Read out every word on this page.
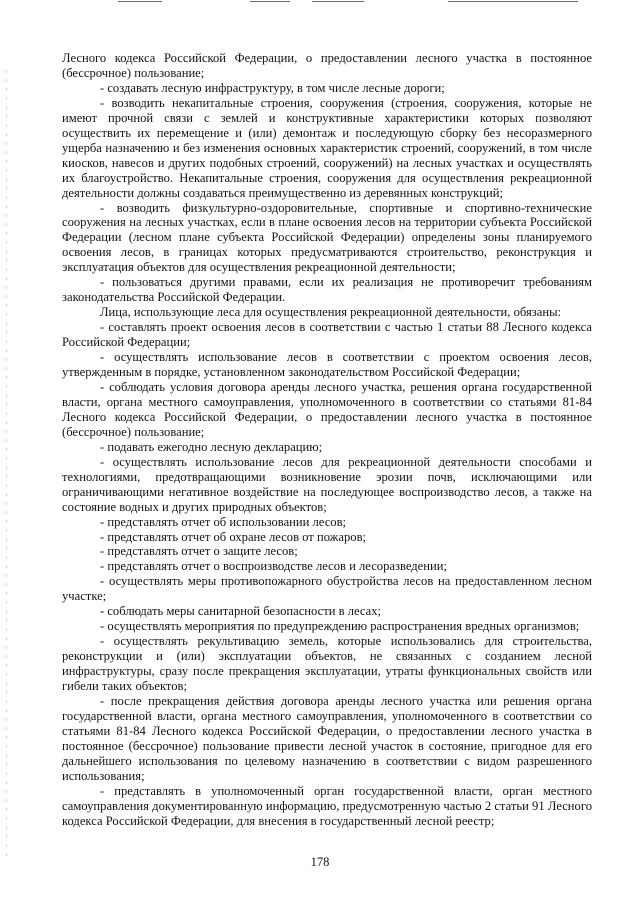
Лесного кодекса Российской Федерации, о предоставлении лесного участка в постоянное (бессрочное) пользование;

- создавать лесную инфраструктуру, в том числе лесные дороги;

- возводить некапитальные строения, сооружения (строения, сооружения, которые не имеют прочной связи с землей и конструктивные характеристики которых позволяют осуществить их перемещение и (или) демонтаж и последующую сборку без несоразмерного ущерба назначению и без изменения основных характеристик строений, сооружений, в том числе киосков, навесов и других подобных строений, сооружений) на лесных участках и осуществлять их благоустройство. Некапитальные строения, сооружения для осуществления рекреационной деятельности должны создаваться преимущественно из деревянных конструкций;

- возводить физкультурно-оздоровительные, спортивные и спортивно-технические сооружения на лесных участках, если в плане освоения лесов на территории субъекта Российской Федерации (лесном плане субъекта Российской Федерации) определены зоны планируемого освоения лесов, в границах которых предусматриваются строительство, реконструкция и эксплуатация объектов для осуществления рекреационной деятельности;

- пользоваться другими правами, если их реализация не противоречит требованиям законодательства Российской Федерации.

Лица, использующие леса для осуществления рекреационной деятельности, обязаны:

- составлять проект освоения лесов в соответствии с частью 1 статьи 88 Лесного кодекса Российской Федерации;

- осуществлять использование лесов в соответствии с проектом освоения лесов, утвержденным в порядке, установленном законодательством Российской Федерации;

- соблюдать условия договора аренды лесного участка, решения органа государственной власти, органа местного самоуправления, уполномоченного в соответствии со статьями 81-84 Лесного кодекса Российской Федерации, о предоставлении лесного участка в постоянное (бессрочное) пользование;

- подавать ежегодно лесную декларацию;

- осуществлять использование лесов для рекреационной деятельности способами и технологиями, предотвращающими возникновение эрозии почв, исключающими или ограничивающими негативное воздействие на последующее воспроизводство лесов, а также на состояние водных и других природных объектов;

- представлять отчет об использовании лесов;

- представлять отчет об охране лесов от пожаров;

- представлять отчет о защите лесов;

- представлять отчет о воспроизводстве лесов и лесоразведении;

- осуществлять меры противопожарного обустройства лесов на предоставленном лесном участке;

- соблюдать меры санитарной безопасности в лесах;

- осуществлять мероприятия по предупреждению распространения вредных организмов;

- осуществлять рекультивацию земель, которые использовались для строительства, реконструкции и (или) эксплуатации объектов, не связанных с созданием лесной инфраструктуры, сразу после прекращения эксплуатации, утраты функциональных свойств или гибели таких объектов;

- после прекращения действия договора аренды лесного участка или решения органа государственной власти, органа местного самоуправления, уполномоченного в соответствии со статьями 81-84 Лесного кодекса Российской Федерации, о предоставлении лесного участка в постоянное (бессрочное) пользование привести лесной участок в состояние, пригодное для его дальнейшего использования по целевому назначению в соответствии с видом разрешенного использования;

- представлять в уполномоченный орган государственной власти, орган местного самоуправления документированную информацию, предусмотренную частью 2 статьи 91 Лесного кодекса Российской Федерации, для внесения в государственный лесной реестр;

178
